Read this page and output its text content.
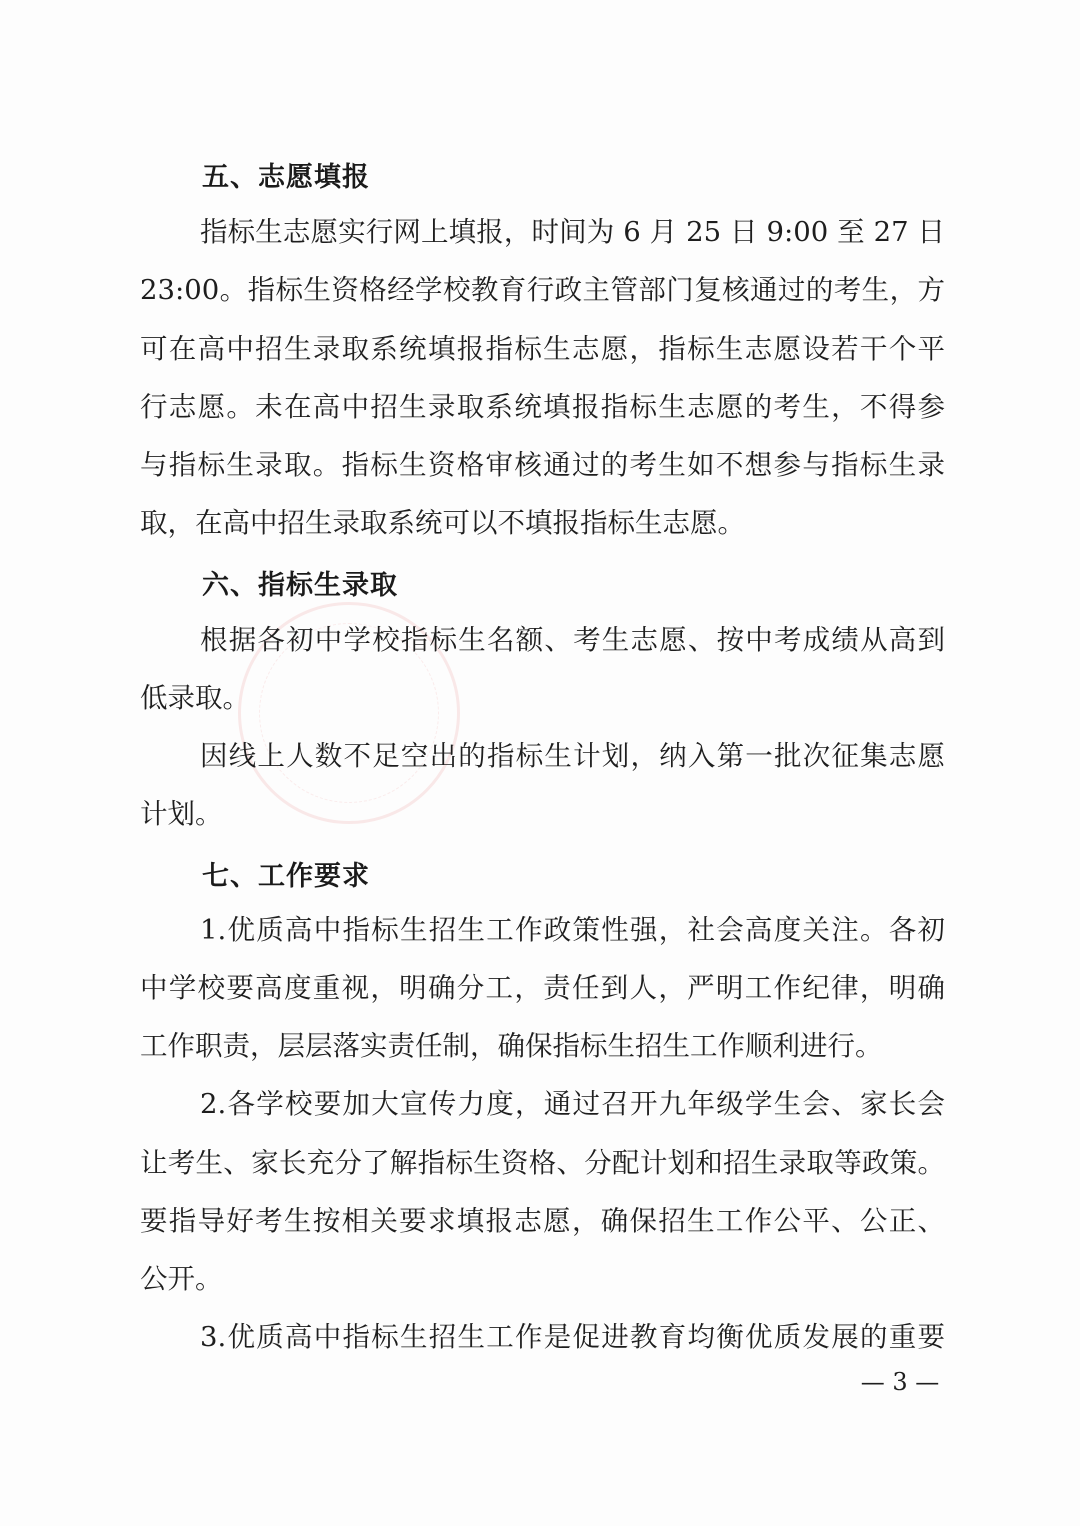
五、志愿填报
指标生志愿实行网上填报，时间为 6 月 25 日 9:00 至 27 日
23:00。指标生资格经学校教育行政主管部门复核通过的考生，方
可在高中招生录取系统填报指标生志愿，指标生志愿设若干个平
行志愿。未在高中招生录取系统填报指标生志愿的考生，不得参
与指标生录取。指标生资格审核通过的考生如不想参与指标生录
取，在高中招生录取系统可以不填报指标生志愿。
六、指标生录取
根据各初中学校指标生名额、考生志愿、按中考成绩从高到
低录取。
因线上人数不足空出的指标生计划，纳入第一批次征集志愿
计划。
七、工作要求
1.优质高中指标生招生工作政策性强，社会高度关注。各初
中学校要高度重视，明确分工，责任到人，严明工作纪律，明确
工作职责，层层落实责任制，确保指标生招生工作顺利进行。
2.各学校要加大宣传力度，通过召开九年级学生会、家长会
让考生、家长充分了解指标生资格、分配计划和招生录取等政策。
要指导好考生按相关要求填报志愿，确保招生工作公平、公正、
公开。
3.优质高中指标生招生工作是促进教育均衡优质发展的重要
— 3 —
